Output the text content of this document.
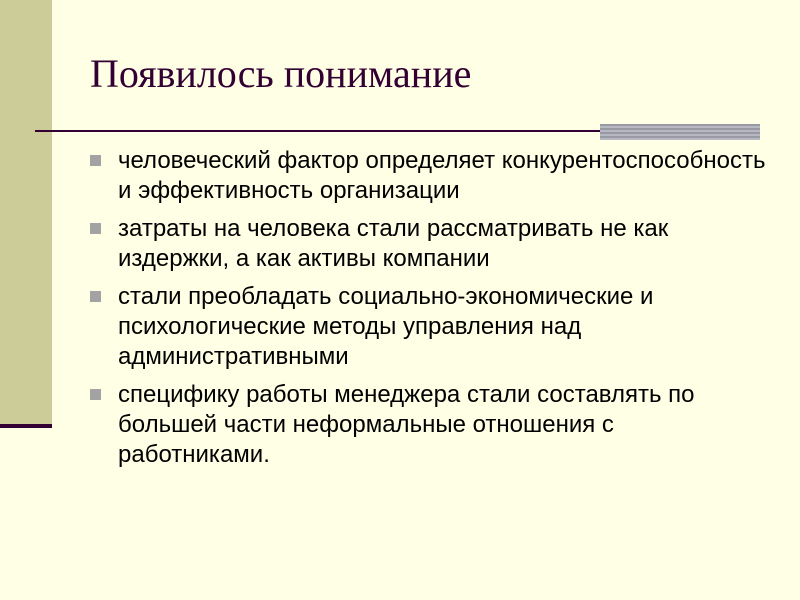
Появилось понимание
человеческий фактор определяет конкурентоспособность и эффективность организации
затраты на человека стали рассматривать не как издержки, а как активы компании
стали преобладать социально-экономические и психологические методы управления над административными
специфику работы менеджера стали составлять по большей части неформальные отношения с работниками.
